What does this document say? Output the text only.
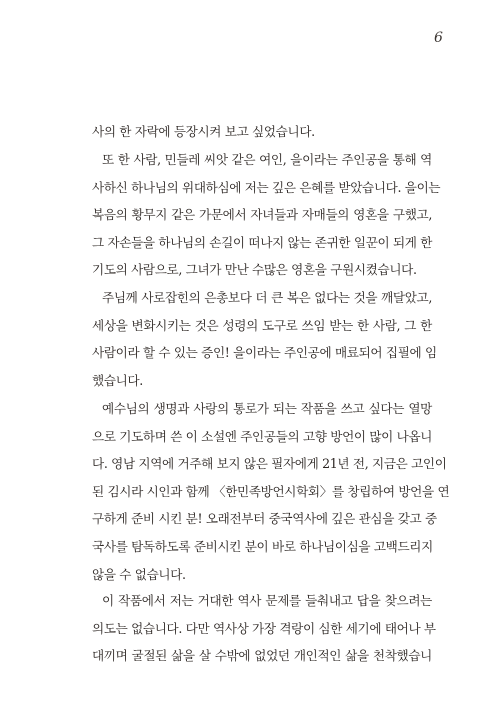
6
사의 한 자락에 등장시켜 보고 싶었습니다.
또 한 사람, 민들레 씨앗 같은 여인, 을이라는 주인공을 통해 역
사하신 하나님의 위대하심에 저는 깊은 은혜를 받았습니다. 을이는
복음의 황무지 같은 가문에서 자녀들과 자매들의 영혼을 구했고,
그 자손들을 하나님의 손길이 떠나지 않는 존귀한 일꾼이 되게 한
기도의 사람으로, 그녀가 만난 수많은 영혼을 구원시켰습니다.
주님께 사로잡힌의 은총보다 더 큰 복은 없다는 것을 깨달았고,
세상을 변화시키는 것은 성령의 도구로 쓰임 받는 한 사람, 그 한
사람이라 할 수 있는 증인! 을이라는 주인공에 매료되어 집필에 임
했습니다.
예수님의 생명과 사랑의 통로가 되는 작품을 쓰고 싶다는 열망
으로 기도하며 쓴 이 소설엔 주인공들의 고향 방언이 많이 나옵니
다. 영남 지역에 거주해 보지 않은 필자에게 21년 전, 지금은 고인이
된 김시라 시인과 함께 〈한민족방언시학회〉를 창립하여 방언을 연
구하게 준비 시킨 분! 오래전부터 중국역사에 깊은 관심을 갖고 중
국사를 탐독하도록 준비시킨 분이 바로 하나님이심을 고백드리지
않을 수 없습니다.
이 작품에서 저는 거대한 역사 문제를 들춰내고 답을 찾으려는
의도는 없습니다. 다만 역사상 가장 격랑이 심한 세기에 태어나 부
대끼며 굴절된 삶을 살 수밖에 없었던 개인적인 삶을 천착했습니
